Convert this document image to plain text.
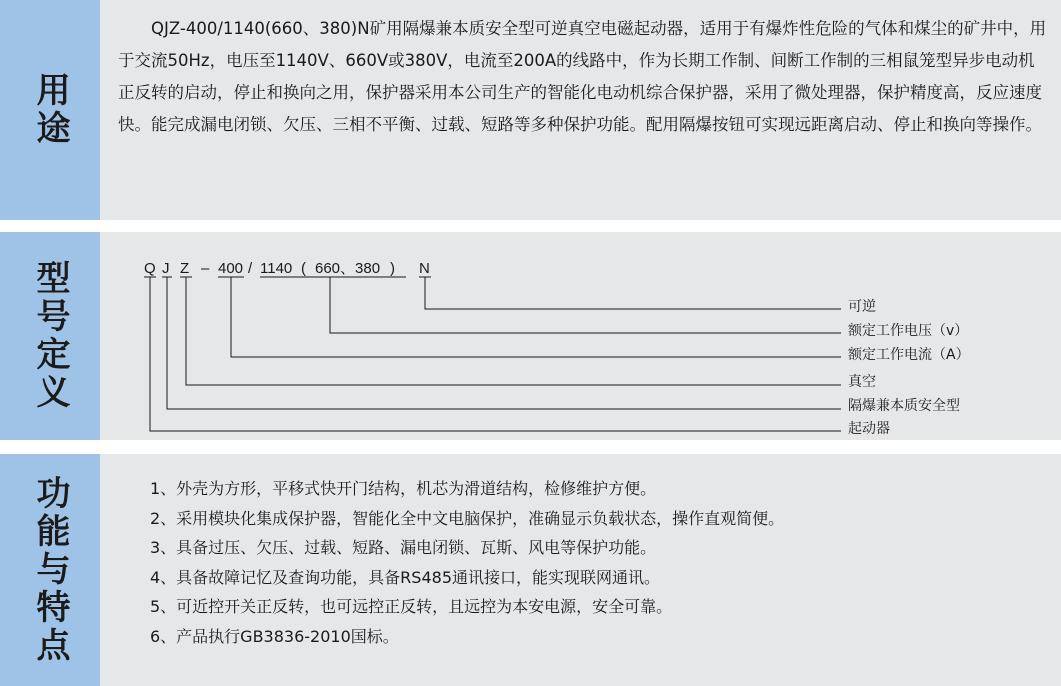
用途

QJZ-400/1140(660、380)N矿用隔爆兼本质安全型可逆真空电磁起动器，适用于有爆炸性危险的气体和煤尘的矿井中，用于交流50Hz，电压至1140V、660V或380V，电流至200A的线路中，作为长期工作制、间断工作制的三相鼠笼型异步电动机正反转的启动，停止和换向之用，保护器采用本公司生产的智能化电动机综合保护器，采用了微处理器，保护精度高，反应速度快。能完成漏电闭锁、欠压、三相不平衡、过载、短路等多种保护功能。配用隔爆按钮可实现远距离启动、停止和换向等操作。

型号定义	Q J Z – 400 / 1140 ( 660、380 ) N
可逆
额定工作电压（v）
额定工作电流（A）
真空
隔爆兼本质安全型
起动器
功能与特点	1、外壳为方形，平移式快开门结构，机芯为滑道结构，检修维护方便。
2、采用模块化集成保护器，智能化全中文电脑保护，准确显示负载状态，操作直观简便。
3、具备过压、欠压、过载、短路、漏电闭锁、瓦斯、风电等保护功能。
4、具备故障记忆及查询功能，具备RS485通讯接口，能实现联网通讯。
5、可近控开关正反转，也可远控正反转，且远控为本安电源，安全可靠。
6、产品执行GB3836-2010国标。
